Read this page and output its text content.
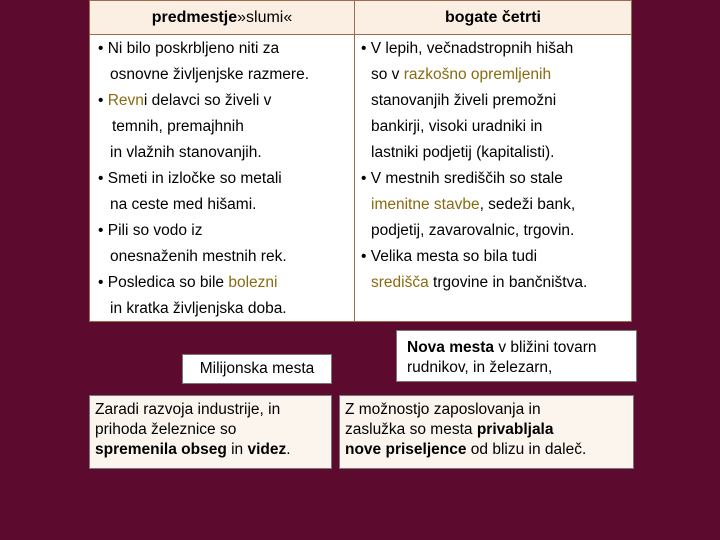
predmestje »slumi«	bogate četrti
• Ni bilo poskrbljeno niti za
osnovne življenjske razmere.
• Revni delavci so živeli v
temnih, premajhnih
in vlažnih stanovanjih.
• Smeti in izločke so metali
na ceste med hišami.
• Pili so vodo iz
onesnaženih mestnih rek.
• Posledica so bile bolezni
in kratka življenjska doba.
• V lepih, večnadstropnih hišah
so v razkošno opremljenih
stanovanjih živeli premožni
bankirji, visoki uradniki in
lastniki podjetij (kapitalisti).
• V mestnih središčih so stale
imenitne stavbe, sedeži bank,
podjetij, zavarovalnic, trgovin.
• Velika mesta so bila tudi
središča trgovine in bančništva.
Milijonska mesta
Nova mesta v bližini tovarn
rudnikov, in železarn,
Zaradi razvoja industrije, in
prihoda železnice so
spremenila obseg in videz.
Z možnostjo zaposlovanja in
zaslužka so mesta privabljala
nove priseljence od blizu in daleč.
